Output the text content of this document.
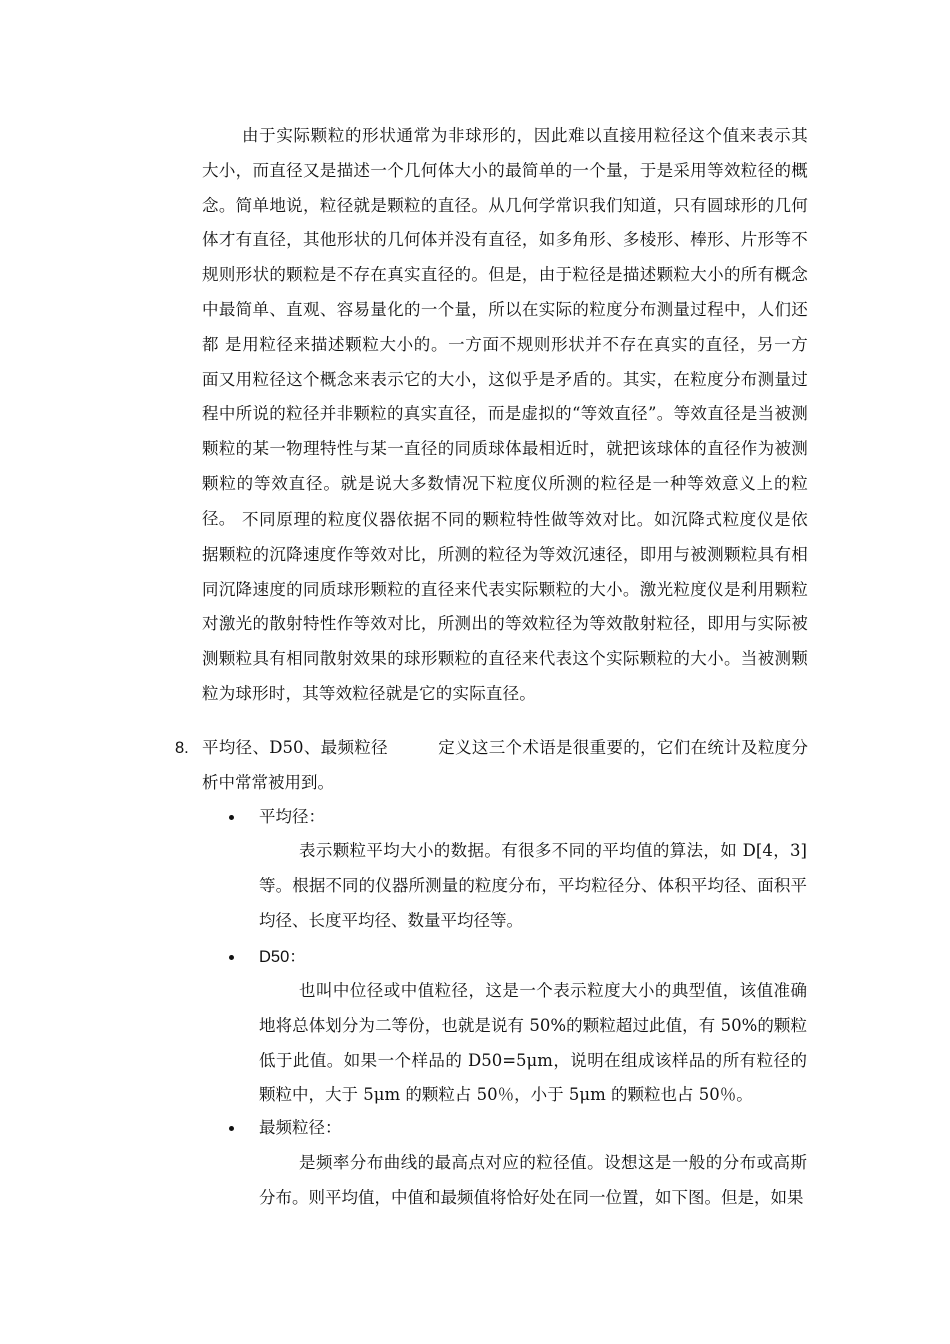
由于实际颗粒的形状通常为非球形的，因此难以直接用粒径这个值来表示其大小，而直径又是描述一个几何体大小的最简单的一个量，于是采用等效粒径的概念。简单地说，粒径就是颗粒的直径。从几何学常识我们知道，只有圆球形的几何体才有直径，其他形状的几何体并没有直径，如多角形、多棱形、棒形、片形等不规则形状的颗粒是不存在真实直径的。但是，由于粒径是描述颗粒大小的所有概念中最简单、直观、容易量化的一个量，所以在实际的粒度分布测量过程中，人们还都 是用粒径来描述颗粒大小的。一方面不规则形状并不存在真实的直径，另一方面又用粒径这个概念来表示它的大小，这似乎是矛盾的。其实，在粒度分布测量过程中所说的粒径并非颗粒的真实直径，而是虚拟的“等效直径”。等效直径是当被测颗粒的某一物理特性与某一直径的同质球体最相近时，就把该球体的直径作为被测颗粒的等效直径。就是说大多数情况下粒度仪所测的粒径是一种等效意义上的粒径。 不同原理的粒度仪器依据不同的颗粒特性做等效对比。如沉降式粒度仪是依据颗粒的沉降速度作等效对比，所测的粒径为等效沉速径，即用与被测颗粒具有相同沉降速度的同质球形颗粒的直径来代表实际颗粒的大小。激光粒度仪是利用颗粒对激光的散射特性作等效对比，所测出的等效粒径为等效散射粒径，即用与实际被测颗粒具有相同散射效果的球形颗粒的直径来代表这个实际颗粒的大小。当被测颗粒为球形时，其等效粒径就是它的实际直径。

8. 平均径、D50、最频粒径	定义这三个术语是很重要的，它们在统计及粒度分析中常常被用到。
平均径：

表示颗粒平均大小的数据。有很多不同的平均值的算法，如 D[4，3]等。根据不同的仪器所测量的粒度分布，平均粒径分、体积平均径、面积平均径、长度平均径、数量平均径等。

D50：

也叫中位径或中值粒径，这是一个表示粒度大小的典型值，该值准确地将总体划分为二等份，也就是说有 50%的颗粒超过此值，有 50%的颗粒低于此值。如果一个样品的 D50=5μm，说明在组成该样品的所有粒径的颗粒中，大于 5μm 的颗粒占 50％，小于 5μm 的颗粒也占 50％。

最频粒径：

是频率分布曲线的最高点对应的粒径值。设想这是一般的分布或高斯分布。则平均值，中值和最频值将恰好处在同一位置，如下图。但是，如果
